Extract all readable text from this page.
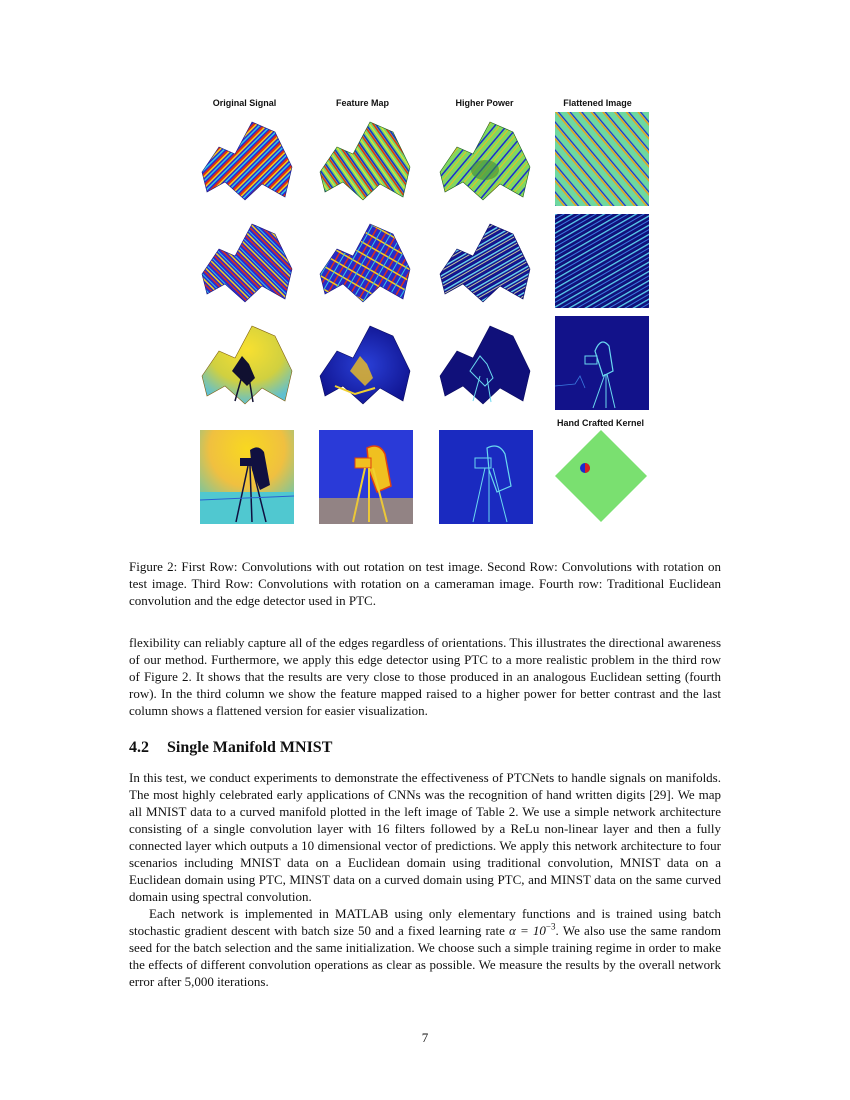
Original Signal	Feature Map	Higher Power	Flattened Image
Hand Crafted Kernel
Figure 2: First Row: Convolutions with out rotation on test image. Second Row: Convolutions with rotation on test image. Third Row: Convolutions with rotation on a cameraman image. Fourth row: Traditional Euclidean convolution and the edge detector used in PTC.

flexibility can reliably capture all of the edges regardless of orientations. This illustrates the directional awareness of our method. Furthermore, we apply this edge detector using PTC to a more realistic problem in the third row of Figure 2. It shows that the results are very close to those produced in an analogous Euclidean setting (fourth row). In the third column we show the feature mapped raised to a higher power for better contrast and the last column shows a flattened version for easier visualization.

4.2 Single Manifold MNIST

In this test, we conduct experiments to demonstrate the effectiveness of PTCNets to handle signals on manifolds. The most highly celebrated early applications of CNNs was the recognition of hand written digits [29]. We map all MNIST data to a curved manifold plotted in the left image of Table 2. We use a simple network architecture consisting of a single convolution layer with 16 filters followed by a ReLu non-linear layer and then a fully connected layer which outputs a 10 dimensional vector of predictions. We apply this network architecture to four scenarios including MNIST data on a Euclidean domain using traditional convolution, MNIST data on a Euclidean domain using PTC, MINST data on a curved domain using PTC, and MINST data on the same curved domain using spectral convolution.

Each network is implemented in MATLAB using only elementary functions and is trained using batch stochastic gradient descent with batch size 50 and a fixed learning rate $\alpha = 10^{-3}$. We also use the same random seed for the batch selection and the same initialization. We choose such a simple training regime in order to make the effects of different convolution operations as clear as possible. We measure the results by the overall network error after 5,000 iterations.

7
